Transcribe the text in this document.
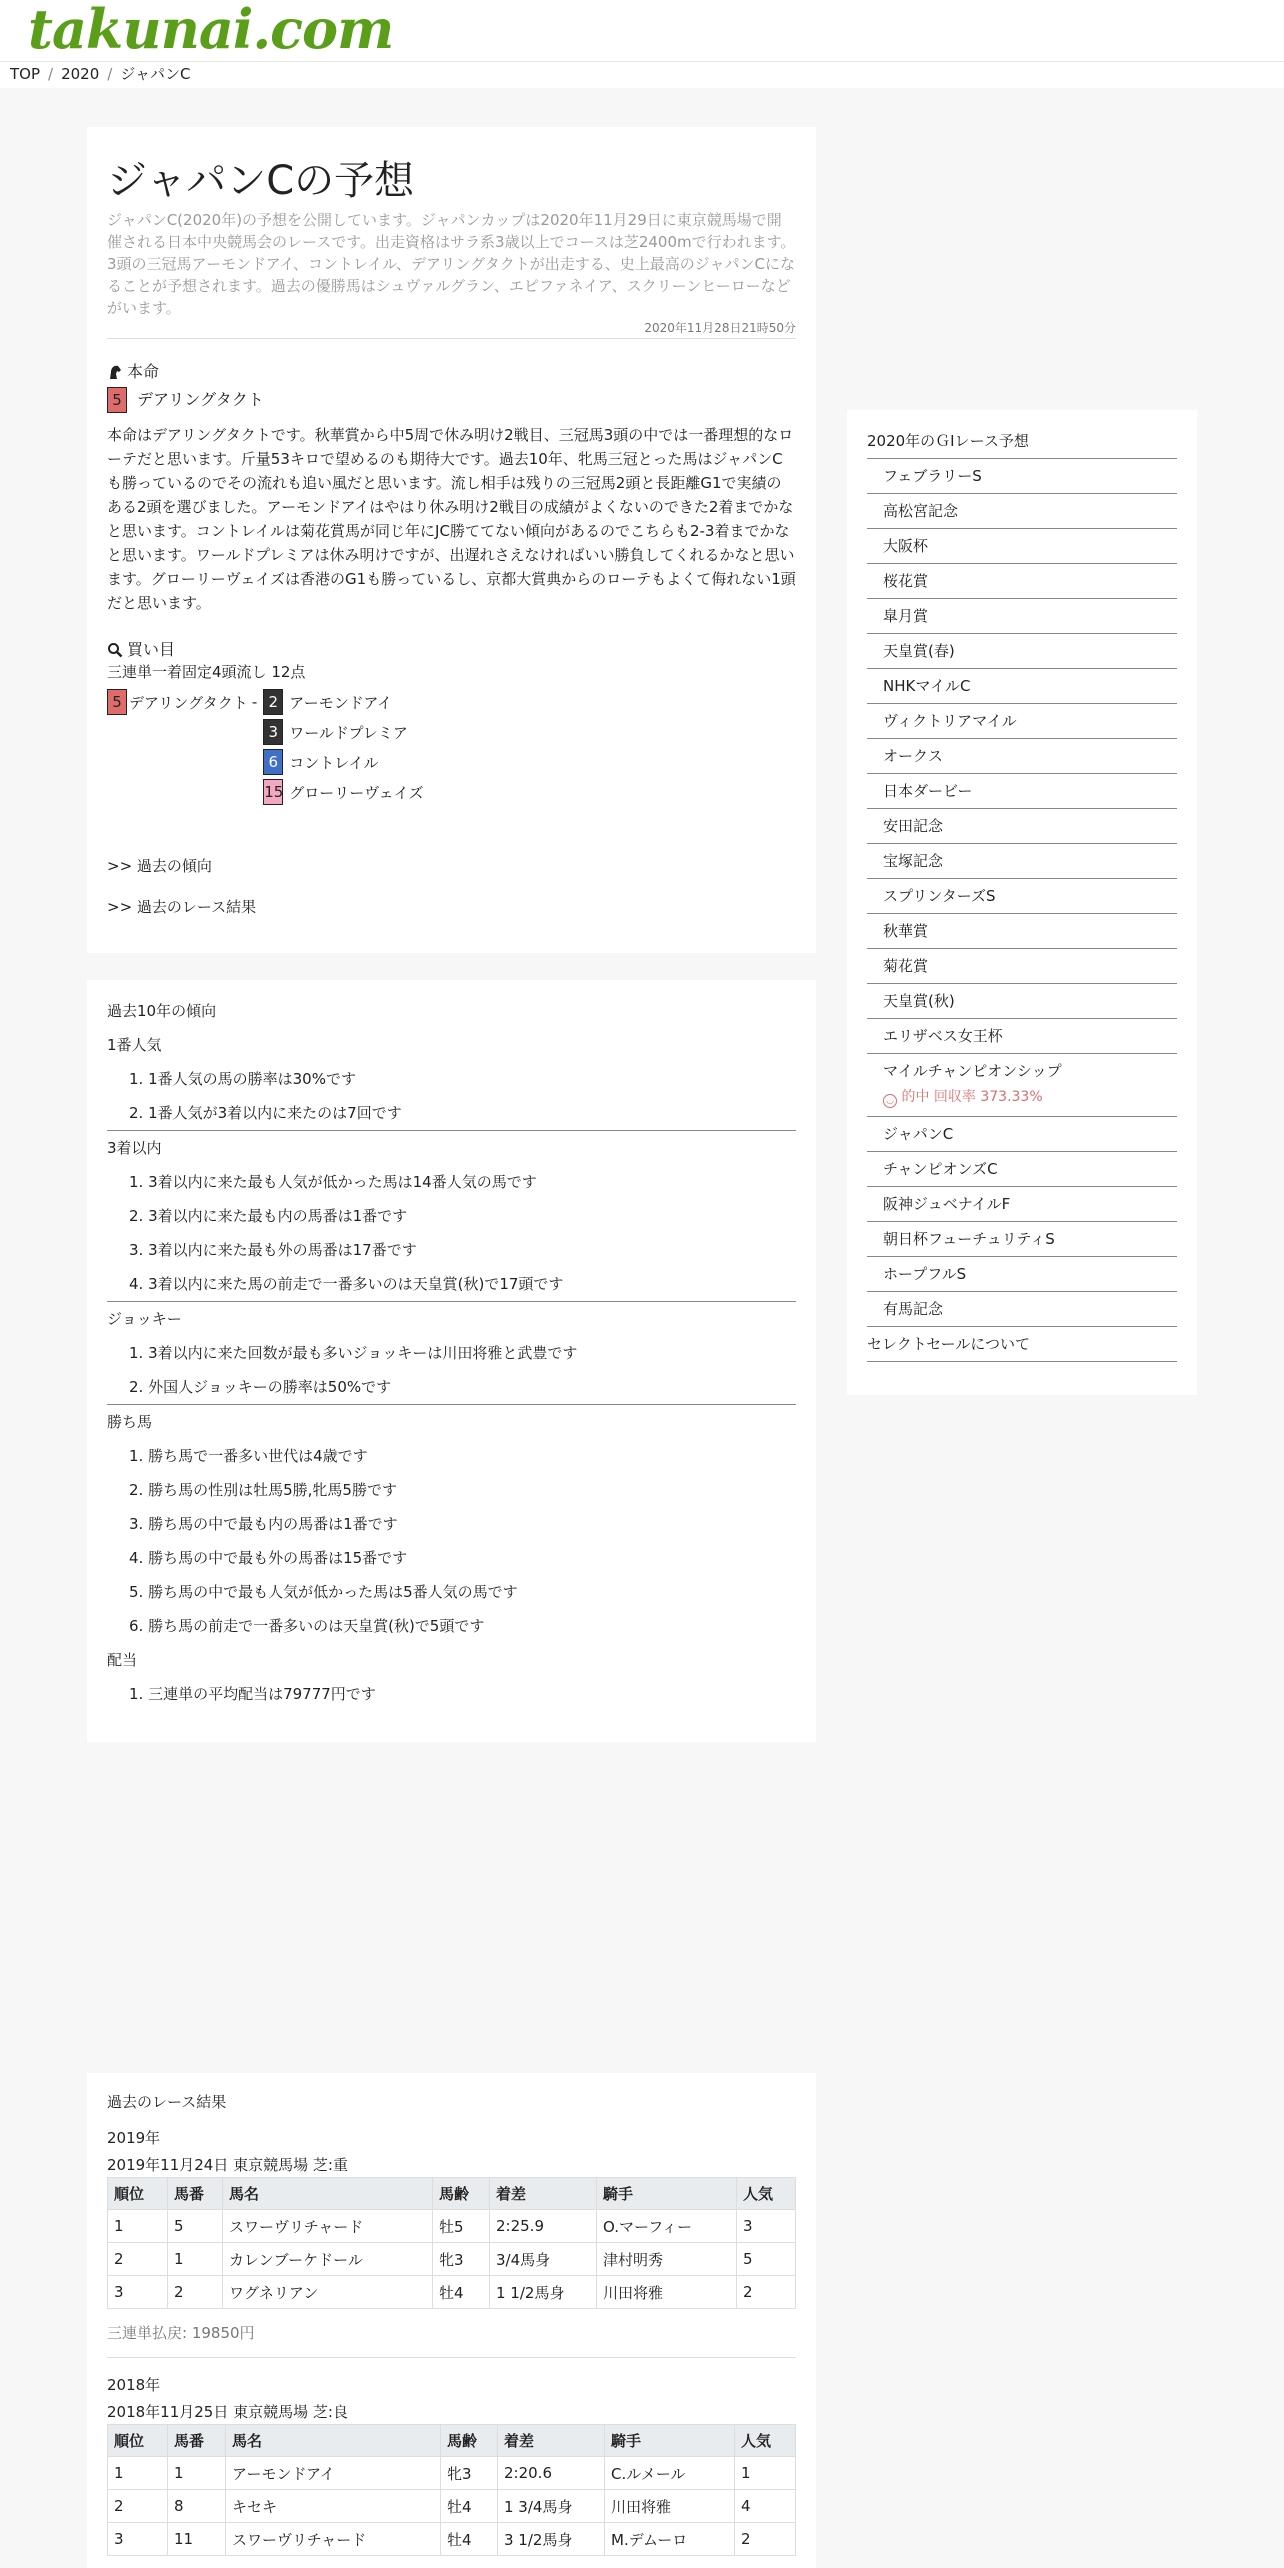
takunai.com
TOP / 2020 / ジャパンC
ジャパンCの予想
ジャパンC(2020年)の予想を公開しています。ジャパンカップは2020年11月29日に東京競馬場で開催される日本中央競馬会のレースです。出走資格はサラ系3歳以上でコースは芝2400mで行われます。3頭の三冠馬アーモンドアイ、コントレイル、デアリングタクトが出走する、史上最高のジャパンCになることが予想されます。過去の優勝馬はシュヴァルグラン、エピファネイア、スクリーンヒーローなどがいます。
2020年11月28日21時50分
本命
5 デアリングタクト
本命はデアリングタクトです。秋華賞から中5周で休み明け2戦目、三冠馬3頭の中では一番理想的なローテだと思います。斤量53キロで望めるのも期待大です。過去10年、牝馬三冠とった馬はジャパンCも勝っているのでその流れも追い風だと思います。流し相手は残りの三冠馬2頭と長距離G1で実績のある2頭を選びました。アーモンドアイはやはり休み明け2戦目の成績がよくないのできた2着までかなと思います。コントレイルは菊花賞馬が同じ年にJC勝ててない傾向があるのでこちらも2-3着までかなと思います。ワールドプレミアは休み明けですが、出遅れさえなければいい勝負してくれるかなと思います。グローリーヴェイズは香港のG1も勝っているし、京都大賞典からのローテもよくて侮れない1頭だと思います。
買い目
三連単一着固定4頭流し 12点
5 デアリングタクト - 2 アーモンドアイ
3 ワールドプレミア
6 コントレイル
15 グローリーヴェイズ
>> 過去の傾向
>> 過去のレース結果
過去10年の傾向
1番人気
1. 1番人気の馬の勝率は30%です
2. 1番人気が3着以内に来たのは7回です
3着以内
1. 3着以内に来た最も人気が低かった馬は14番人気の馬です
2. 3着以内に来た最も内の馬番は1番です
3. 3着以内に来た最も外の馬番は17番です
4. 3着以内に来た馬の前走で一番多いのは天皇賞(秋)で17頭です
ジョッキー
1. 3着以内に来た回数が最も多いジョッキーは川田将雅と武豊です
2. 外国人ジョッキーの勝率は50%です
勝ち馬
1. 勝ち馬で一番多い世代は4歳です
2. 勝ち馬の性別は牡馬5勝,牝馬5勝です
3. 勝ち馬の中で最も内の馬番は1番です
4. 勝ち馬の中で最も外の馬番は15番です
5. 勝ち馬の中で最も人気が低かった馬は5番人気の馬です
6. 勝ち馬の前走で一番多いのは天皇賞(秋)で5頭です
配当
1. 三連単の平均配当は79777円です
2020年のＧⅠレース予想
フェブラリーS
高松宮記念
大阪杯
桜花賞
皐月賞
天皇賞(春)
NHKマイルC
ヴィクトリアマイル
オークス
日本ダービー
安田記念
宝塚記念
スプリンターズS
秋華賞
菊花賞
天皇賞(秋)
エリザベス女王杯
マイルチャンピオンシップ
◡ 的中 回収率 373.33%
ジャパンC
チャンピオンズC
阪神ジュベナイルF
朝日杯フューチュリティS
ホープフルS
有馬記念
セレクトセールについて
過去のレース結果
2019年
2019年11月24日 東京競馬場 芝:重
順位	馬番	馬名	馬齢	着差	騎手	人気
1	5	スワーヴリチャード	牡5	2:25.9	O.マーフィー	3
2	1	カレンブーケドール	牝3	3/4馬身	津村明秀	5
3	2	ワグネリアン	牡4	1 1/2馬身	川田将雅	2
三連単払戻: 19850円
2018年
2018年11月25日 東京競馬場 芝:良
順位	馬番	馬名	馬齢	着差	騎手	人気
1	1	アーモンドアイ	牝3	2:20.6	C.ルメール	1
2	8	キセキ	牡4	1 3/4馬身	川田将雅	4
3	11	スワーヴリチャード	牡4	3 1/2馬身	M.デムーロ	2
